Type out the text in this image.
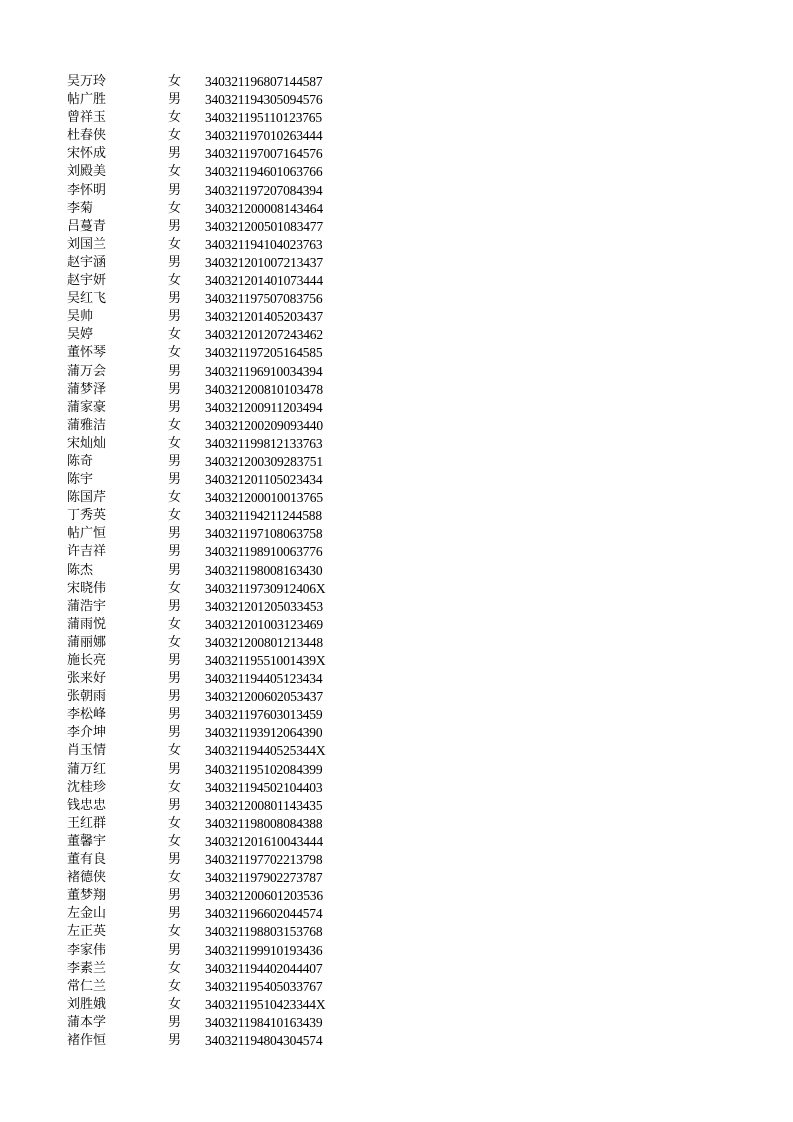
吴万玲	女 340321196807144587
帖广胜	男 340321194305094576
曾祥玉	女 340321195110123765
杜春侠	女 340321197010263444
宋怀成	男 340321197007164576
刘殿美	女 340321194601063766
李怀明	男 340321197207084394
李菊	女 340321200008143464
吕蔓青	男 340321200501083477
刘国兰	女 340321194104023763
赵宇涵	男 340321201007213437
赵宇妍	女 340321201401073444
吴红飞	男 340321197507083756
吴帅	男 340321201405203437
吴婷	女 340321201207243462
董怀琴	女 340321197205164585
蒲万会	男 340321196910034394
蒲梦泽	男 340321200810103478
蒲家豪	男 340321200911203494
蒲雅洁	女 340321200209093440
宋灿灿	女 340321199812133763
陈奇	男 340321200309283751
陈宇	男 340321201105023434
陈国芹	女 340321200010013765
丁秀英	女 340321194211244588
帖广恒	男 340321197108063758
许吉祥	男 340321198910063776
陈杰	男 340321198008163430
宋晓伟	女 34032119730912406X
蒲浩宇	男 340321201205033453
蒲雨悦	女 340321201003123469
蒲丽娜	女 340321200801213448
施长亮	男 34032119551001439X
张来好	男 340321194405123434
张朝雨	男 340321200602053437
李松峰	男 340321197603013459
李介坤	男 340321193912064390
肖玉情	女 34032119440525344X
蒲万红	男 340321195102084399
沈桂珍	女 340321194502104403
钱忠忠	男 340321200801143435
王红群	女 340321198008084388
董馨宇	女 340321201610043444
董有良	男 340321197702213798
褚德侠	女 340321197902273787
董梦翔	男 340321200601203536
左金山	男 340321196602044574
左正英	女 340321198803153768
李家伟	男 340321199910193436
李素兰	女 340321194402044407
常仁兰	女 340321195405033767
刘胜娥	女 34032119510423344X
蒲本学	男 340321198410163439
褚作恒	男 340321194804304574
